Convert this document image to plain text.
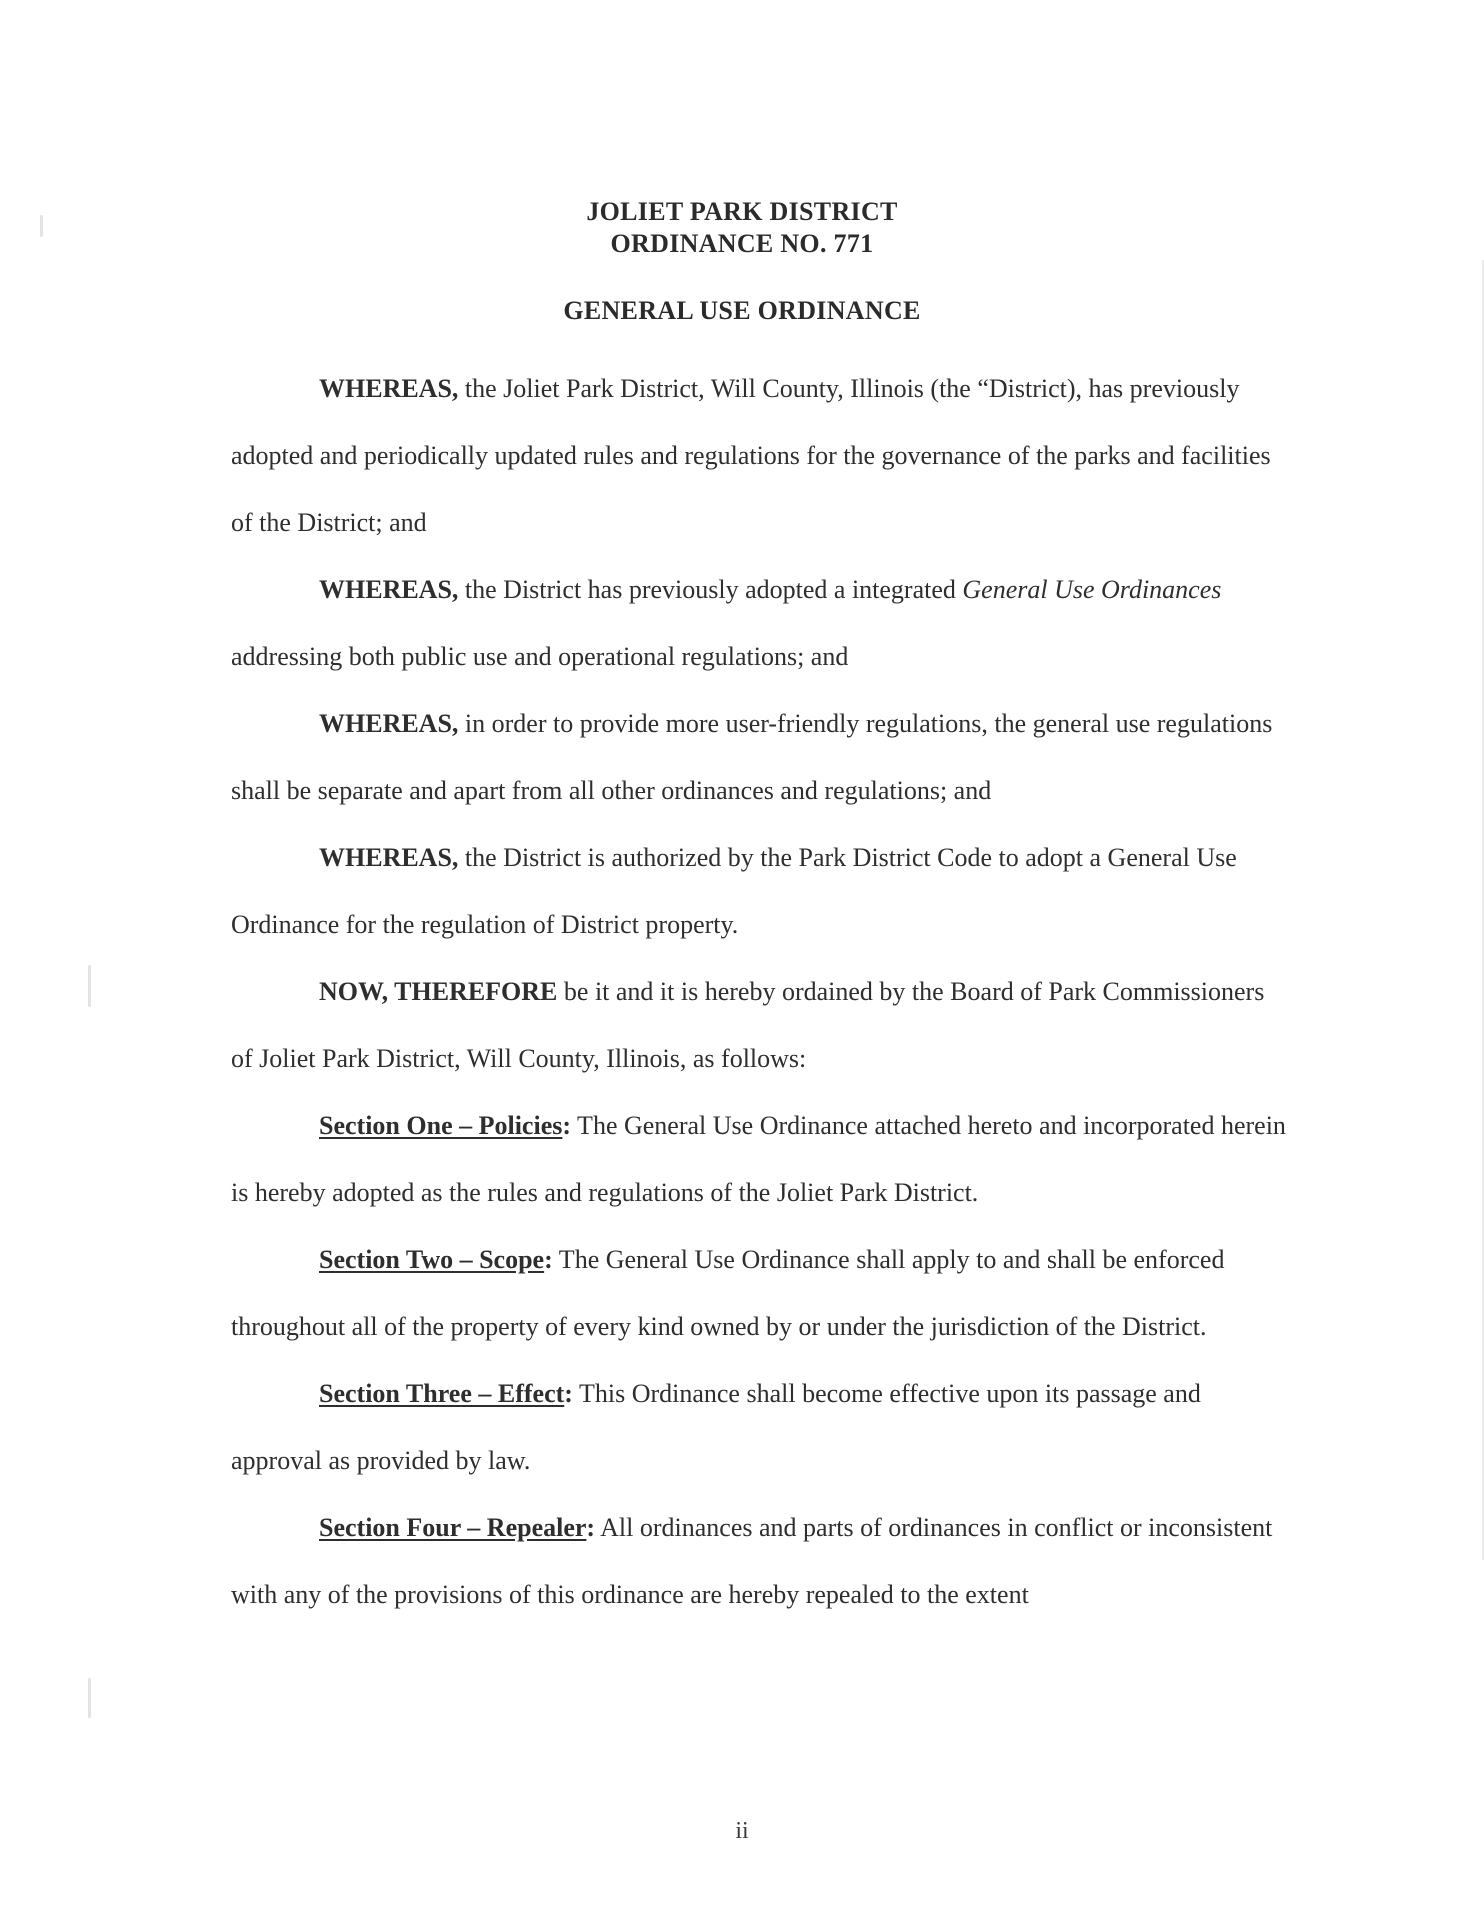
JOLIET PARK DISTRICT
ORDINANCE NO. 771
GENERAL USE ORDINANCE

WHEREAS, the Joliet Park District, Will County, Illinois (the “District), has previously adopted and periodically updated rules and regulations for the governance of the parks and facilities of the District; and

WHEREAS, the District has previously adopted a integrated General Use Ordinances addressing both public use and operational regulations; and

WHEREAS, in order to provide more user-friendly regulations, the general use regulations shall be separate and apart from all other ordinances and regulations; and

WHEREAS, the District is authorized by the Park District Code to adopt a General Use Ordinance for the regulation of District property.

NOW, THEREFORE be it and it is hereby ordained by the Board of Park Commissioners of Joliet Park District, Will County, Illinois, as follows:

Section One – Policies: The General Use Ordinance attached hereto and incorporated herein is hereby adopted as the rules and regulations of the Joliet Park District.

Section Two – Scope: The General Use Ordinance shall apply to and shall be enforced throughout all of the property of every kind owned by or under the jurisdiction of the District.

Section Three – Effect: This Ordinance shall become effective upon its passage and approval as provided by law.

Section Four – Repealer: All ordinances and parts of ordinances in conflict or inconsistent with any of the provisions of this ordinance are hereby repealed to the extent

ii
